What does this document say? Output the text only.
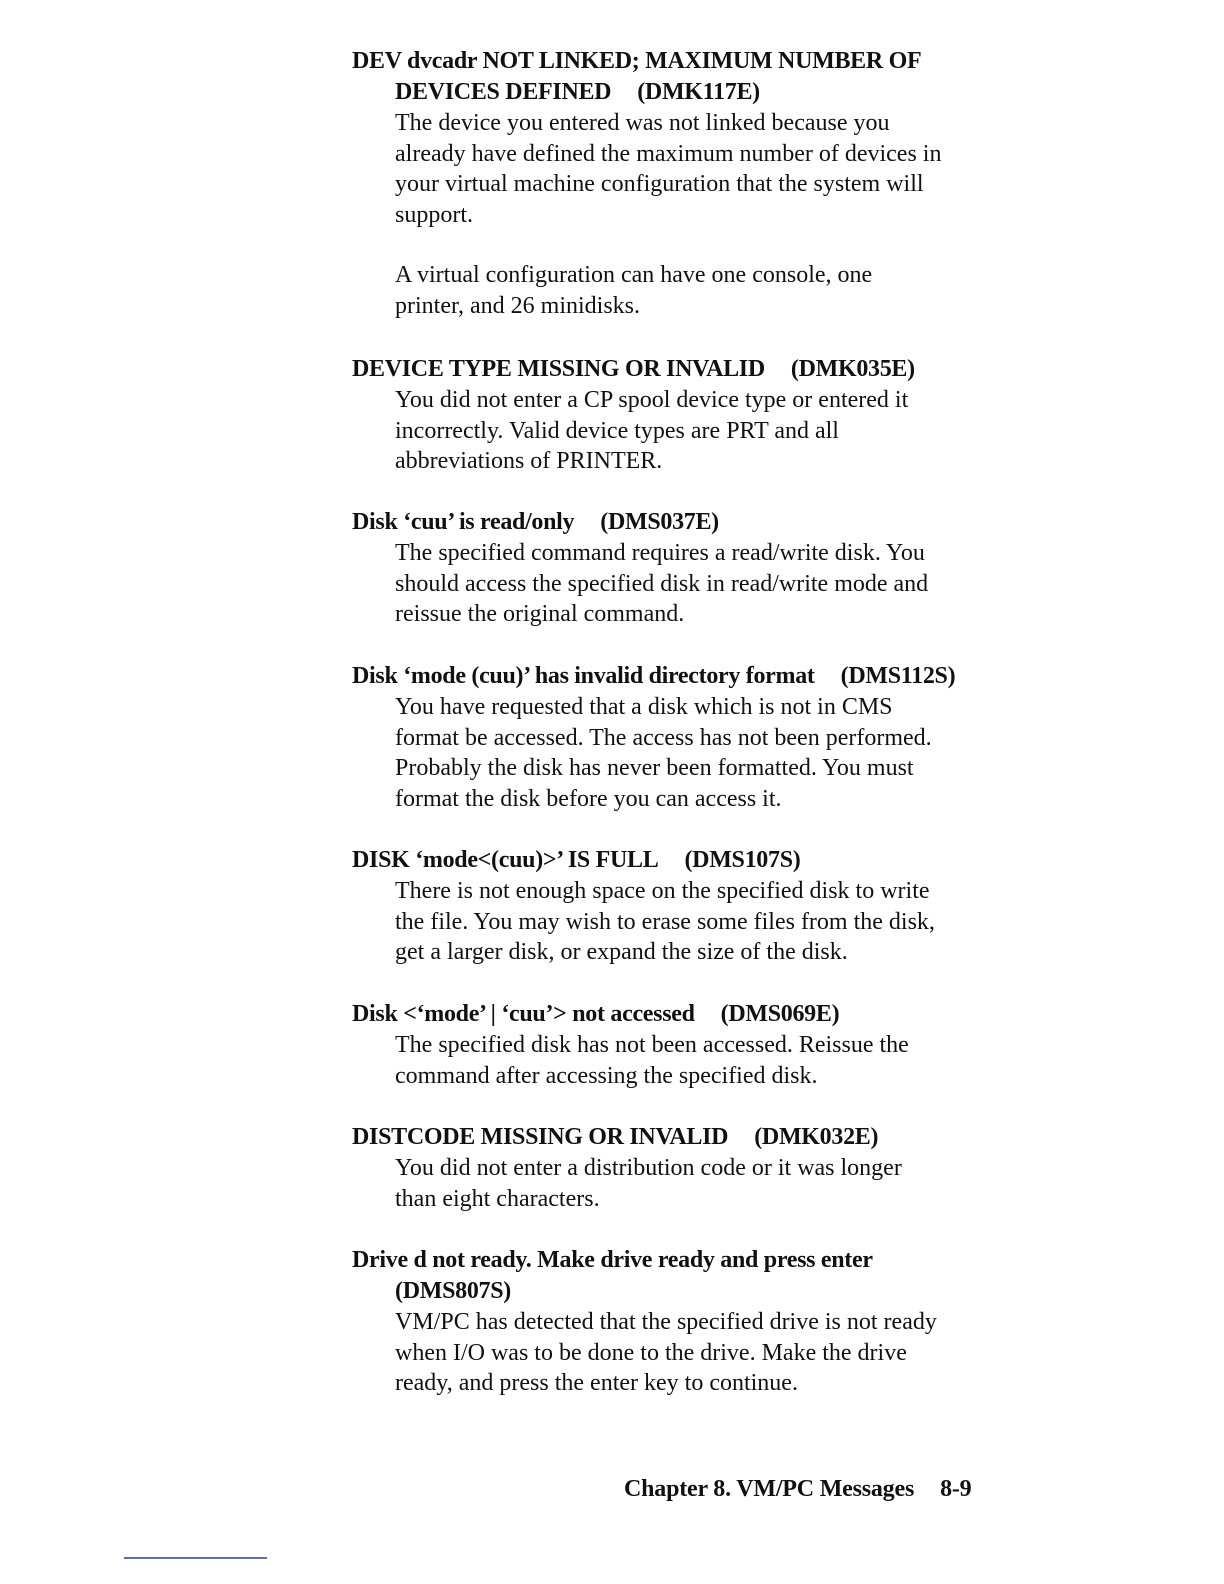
DEV dvcadr NOT LINKED; MAXIMUM NUMBER OF
DEVICES DEFINED (DMK117E)
The device you entered was not linked because you
already have defined the maximum number of devices in
your virtual machine configuration that the system will
support.
A virtual configuration can have one console, one
printer, and 26 minidisks.
DEVICE TYPE MISSING OR INVALID (DMK035E)
You did not enter a CP spool device type or entered it
incorrectly. Valid device types are PRT and all
abbreviations of PRINTER.
Disk ‘cuu’ is read/only (DMS037E)
The specified command requires a read/write disk. You
should access the specified disk in read/write mode and
reissue the original command.
Disk ‘mode (cuu)’ has invalid directory format (DMS112S)
You have requested that a disk which is not in CMS
format be accessed. The access has not been performed.
Probably the disk has never been formatted. You must
format the disk before you can access it.
DISK ‘mode<(cuu)>’ IS FULL (DMS107S)
There is not enough space on the specified disk to write
the file. You may wish to erase some files from the disk,
get a larger disk, or expand the size of the disk.
Disk <‘mode’ | ‘cuu’> not accessed (DMS069E)
The specified disk has not been accessed. Reissue the
command after accessing the specified disk.
DISTCODE MISSING OR INVALID (DMK032E)
You did not enter a distribution code or it was longer
than eight characters.
Drive d not ready. Make drive ready and press enter
(DMS807S)
VM/PC has detected that the specified drive is not ready
when I/O was to be done to the drive. Make the drive
ready, and press the enter key to continue.
Chapter 8. VM/PC Messages 8-9
